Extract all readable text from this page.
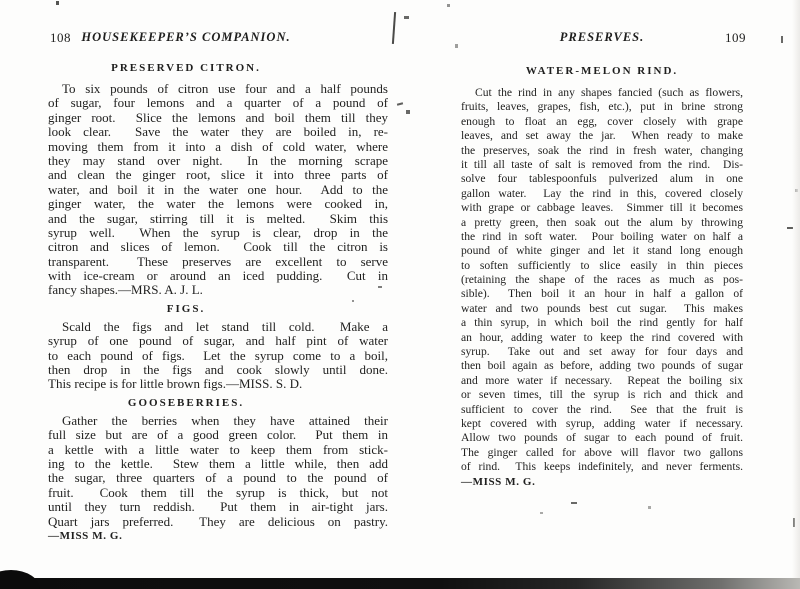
108 HOUSEKEEPER’S COMPANION.
PRESERVED CITRON.
To six pounds of citron use four and a half pounds
of sugar, four lemons and a quarter of a pound of
ginger root.  Slice the lemons and boil them till they
look clear.  Save the water they are boiled in, re-
moving them from it into a dish of cold water, where
they may stand over night.  In the morning scrape
and clean the ginger root, slice it into three parts of
water, and boil it in the water one hour.  Add to the
ginger water, the water the lemons were cooked in,
and the sugar, stirring till it is melted.  Skim this
syrup well.  When the syrup is clear, drop in the
citron and slices of lemon.  Cook till the citron is
transparent.  These preserves are excellent to serve
with ice-cream or around an iced pudding.  Cut in
fancy shapes.—MRS. A. J. L.
FIGS.
Scald the figs and let stand till cold.  Make a
syrup of one pound of sugar, and half pint of water
to each pound of figs.  Let the syrup come to a boil,
then drop in the figs and cook slowly until done.
This recipe is for little brown figs.—MISS. S. D.
GOOSEBERRIES.
Gather the berries when they have attained their
full size but are of a good green color.  Put them in
a kettle with a little water to keep them from stick-
ing to the kettle.  Stew them a little while, then add
the sugar, three quarters of a pound to the pound of
fruit.  Cook them till the syrup is thick, but not
until they turn reddish.  Put them in air-tight jars.
Quart jars preferred.  They are delicious on pastry.
—MISS M. G.
PRESERVES.	109
WATER-MELON RIND.
Cut the rind in any shapes fancied (such as flowers,
fruits, leaves, grapes, fish, etc.), put in brine strong
enough to float an egg, cover closely with grape
leaves, and set away the jar.  When ready to make
the preserves, soak the rind in fresh water, changing
it till all taste of salt is removed from the rind.  Dis-
solve four tablespoonfuls pulverized alum in one
gallon water.  Lay the rind in this, covered closely
with grape or cabbage leaves.  Simmer till it becomes
a pretty green, then soak out the alum by throwing
the rind in soft water.  Pour boiling water on half a
pound of white ginger and let it stand long enough
to soften sufficiently to slice easily in thin pieces
(retaining the shape of the races as much as pos-
sible).  Then boil it an hour in half a gallon of
water and two pounds best cut sugar.  This makes
a thin syrup, in which boil the rind gently for half
an hour, adding water to keep the rind covered with
syrup.  Take out and set away for four days and
then boil again as before, adding two pounds of sugar
and more water if necessary.  Repeat the boiling six
or seven times, till the syrup is rich and thick and
sufficient to cover the rind.  See that the fruit is
kept covered with syrup, adding water if necessary.
Allow two pounds of sugar to each pound of fruit.
The ginger called for above will flavor two gallons
of rind.  This keeps indefinitely, and never ferments.
—MISS M. G.
